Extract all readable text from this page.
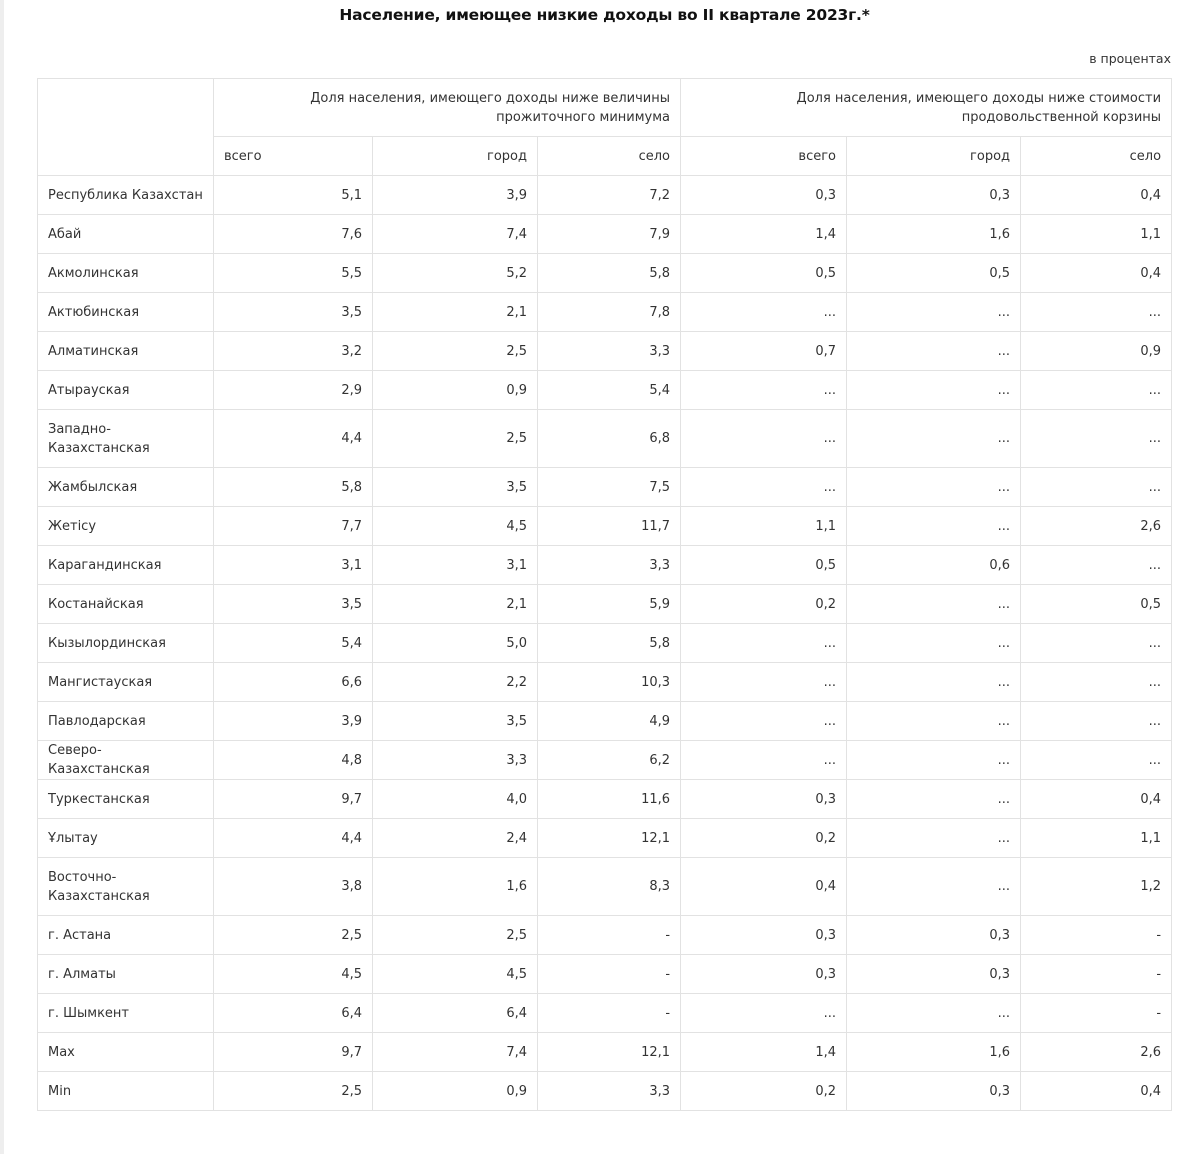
Население, имеющее низкие доходы во II квартале 2023г.*
в процентах
	Доля населения, имеющего доходы ниже величины прожиточного минимума			Доля населения, имеющего доходы ниже стоимости продовольственной корзины		
	всего	город	село	всего	город	село
Республика Казахстан	5,1	3,9	7,2	0,3	0,3	0,4
Абай	7,6	7,4	7,9	1,4	1,6	1,1
Акмолинская	5,5	5,2	5,8	0,5	0,5	0,4
Актюбинская	3,5	2,1	7,8	...	...	...
Алматинская	3,2	2,5	3,3	0,7	...	0,9
Атырауская	2,9	0,9	5,4	...	...	...
Западно-
Казахстанская	4,4	2,5	6,8	...	...	...
Жамбылская	5,8	3,5	7,5	...	...	...
Жетісу	7,7	4,5	11,7	1,1	...	2,6
Карагандинская	3,1	3,1	3,3	0,5	0,6	...
Костанайская	3,5	2,1	5,9	0,2	...	0,5
Кызылординская	5,4	5,0	5,8	...	...	...
Мангистауская	6,6	2,2	10,3	...	...	...
Павлодарская	3,9	3,5	4,9	...	...	...
Северо-Казахстанская	4,8	3,3	6,2	...	...	...
Туркестанская	9,7	4,0	11,6	0,3	...	0,4
Ұлытау	4,4	2,4	12,1	0,2	...	1,1
Восточно-
Казахстанская	3,8	1,6	8,3	0,4	...	1,2
г. Астана	2,5	2,5	-	0,3	0,3	-
г. Алматы	4,5	4,5	-	0,3	0,3	-
г. Шымкент	6,4	6,4	-	...	...	-
Max	9,7	7,4	12,1	1,4	1,6	2,6
Min	2,5	0,9	3,3	0,2	0,3	0,4
